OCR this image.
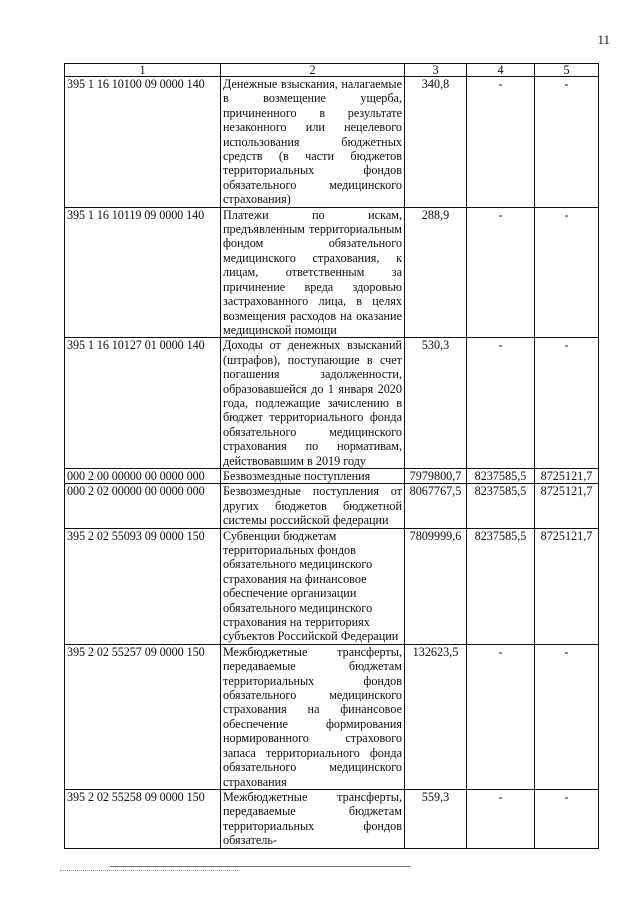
11
1	2	3	4	5
395 1 16 10100 09 0000 140	Денежные взыскания, налагаемые в возмещение ущерба, причиненного в результате незаконного или нецелевого использования бюджетных средств (в части бюджетов территориальных фондов обязательного медицинского страхования)	340,8	-	-
395 1 16 10119 09 0000 140	Платежи по искам, предъявленным территориальным фондом обязательного медицинского страхования, к лицам, ответственным за причинение вреда здоровью застрахованного лица, в целях возмещения расходов на оказание медицинской помощи	288,9	-	-
395 1 16 10127 01 0000 140	Доходы от денежных взысканий (штрафов), поступающие в счет погашения задолженности, образовавшейся до 1 января 2020 года, подлежащие зачислению в бюджет территориального фонда обязательного медицинского страхования по нормативам, действовавшим в 2019 году	530,3	-	-
000 2 00 00000 00 0000 000	Безвозмездные поступления	7979800,7	8237585,5	8725121,7
000 2 02 00000 00 0000 000	Безвозмездные поступления от других бюджетов бюджетной системы российской федерации	8067767,5	8237585,5	8725121,7
395 2 02 55093 09 0000 150	Субвенции бюджетам территориальных фондов обязательного медицинского страхования на финансовое обеспечение организации обязательного медицинского страхования на территориях субъектов Российской Федерации	7809999,6	8237585,5	8725121,7
395 2 02 55257 09 0000 150	Межбюджетные трансферты, передаваемые бюджетам территориальных фондов обязательного медицинского страхования на финансовое обеспечение формирования нормированного страхового запаса территориального фонда обязательного медицинского страхования	132623,5	-	-
395 2 02 55258 09 0000 150	Межбюджетные трансферты, передаваемые бюджетам территориальных фондов обязатель-	559,3	-	-
